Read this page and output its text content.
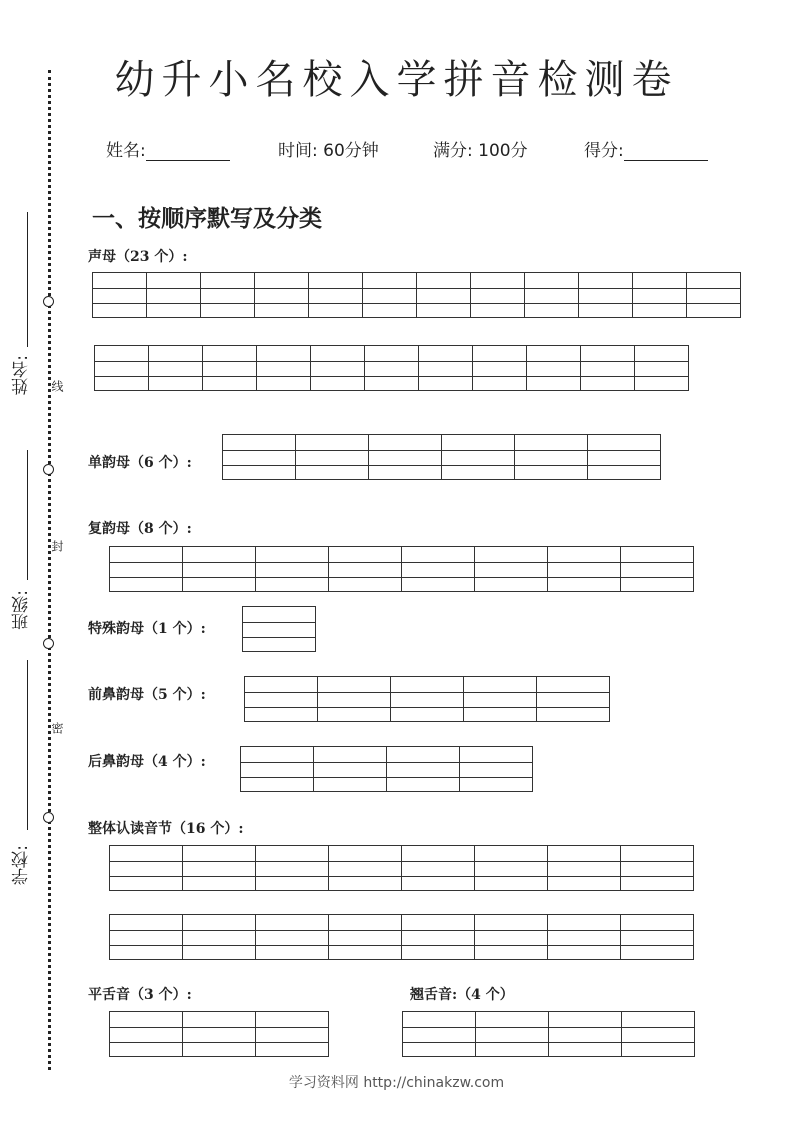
线
封
密
姓名:
班级:
学校:
幼升小名校入学拼音检测卷
姓名:	时间: 60分钟	满分: 100分	得分:
一、按顺序默写及分类
声母（23 个）:
单韵母（6 个）:
复韵母（8 个）:
特殊韵母（1 个）:
前鼻韵母（5 个）:
后鼻韵母（4 个）:
整体认读音节（16 个）:
平舌音（3 个）:	翘舌音:（4 个）
学习资料网 http://chinakzw.com
